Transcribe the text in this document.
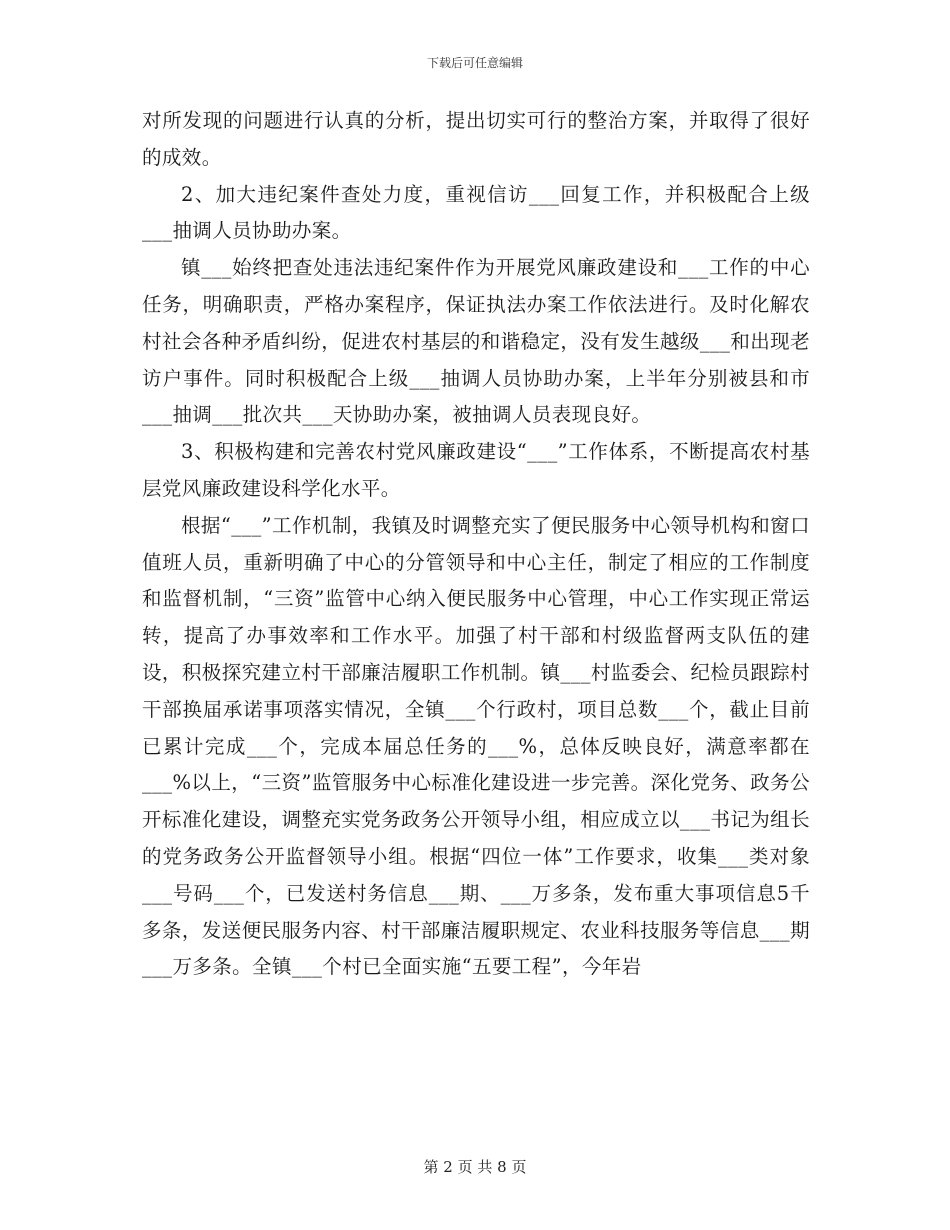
下载后可任意编辑

对所发现的问题进行认真的分析，提出切实可行的整治方案，并取得了很好的成效。

2、加大违纪案件查处力度，重视信访___回复工作，并积极配合上级___抽调人员协助办案。

镇___始终把查处违法违纪案件作为开展党风廉政建设和___工作的中心任务，明确职责，严格办案程序，保证执法办案工作依法进行。及时化解农村社会各种矛盾纠纷，促进农村基层的和谐稳定，没有发生越级___和出现老访户事件。同时积极配合上级___抽调人员协助办案，上半年分别被县和市___抽调___批次共___天协助办案，被抽调人员表现良好。

3、积极构建和完善农村党风廉政建设“___”工作体系，不断提高农村基层党风廉政建设科学化水平。

根据“___”工作机制，我镇及时调整充实了便民服务中心领导机构和窗口值班人员，重新明确了中心的分管领导和中心主任，制定了相应的工作制度和监督机制，“三资”监管中心纳入便民服务中心管理，中心工作实现正常运转，提高了办事效率和工作水平。加强了村干部和村级监督两支队伍的建设，积极探究建立村干部廉洁履职工作机制。镇___村监委会、纪检员跟踪村干部换届承诺事项落实情况，全镇___个行政村，项目总数___个，截止目前已累计完成___个，完成本届总任务的___%，总体反映良好，满意率都在___%以上，“三资”监管服务中心标准化建设进一步完善。深化党务、政务公开标准化建设，调整充实党务政务公开领导小组，相应成立以___书记为组长的党务政务公开监督领导小组。根据“四位一体”工作要求，收集___类对象___号码___个，已发送村务信息___期、___万多条，发布重大事项信息5千多条，发送便民服务内容、村干部廉洁履职规定、农业科技服务等信息___期___万多条。全镇___个村已全面实施“五要工程”，今年岩

第 2 页 共 8 页
